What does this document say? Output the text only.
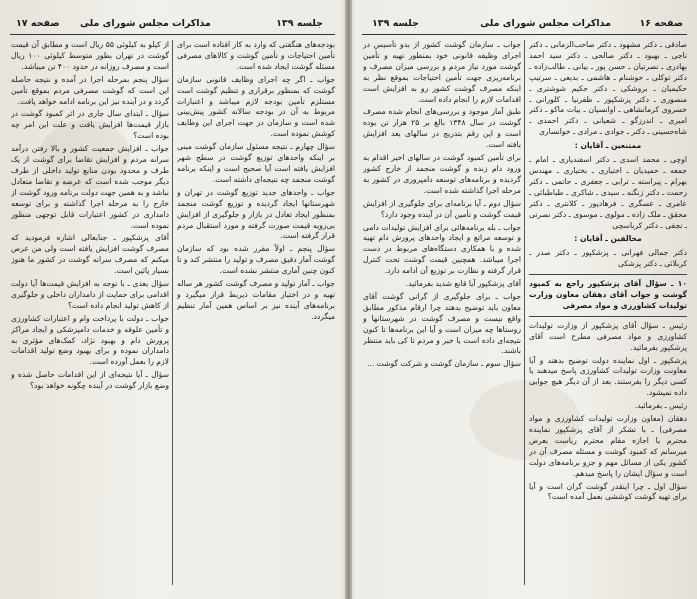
صفحه ۱۷ مذاکرات مجلس شورای ملی	جلسه ۱۳۹

بودجه‌های هنگفتی که وارد به کار افتاده است برای تأمین احتیاجات و تأمین گوشت و کالاهای مصرفی مسئله گوشت ایجاد شده است.

جواب ـ اگر چه اجرای وظایف قانونی سازمان گوشت که بمنظور برقراری و تنظیم گوشت است مستلزم تأمین بودجه لازم میباشد و اعتبارات مربوط به آن در بودجه سالانه کشور پیش‌بینی شده است و سازمان در جهت اجرای این وظایف کوشش نموده است.

سؤال چهارم ـ نتیجه مسئول سازمان گوشت مبنی بر اینکه واحدهای توزیع گوشت در سطح شهر افزایش یافته است آیا صحیح است و اینکه برنامه گوشت منجمد چه نتیجه‌ای داشته است.

جواب ـ واحدهای جدید توزیع گوشت در تهران و شهرستانها ایجاد گردیده و توزیع گوشت منجمد بمنظور ایجاد تعادل در بازار و جلوگیری از افزایش بی‌رویه قیمت صورت گرفته و مورد استقبال مردم قرار گرفته است.

سؤال پنجم ـ اولاً مقرر شده بود که سازمان گوشت آمار دقیق مصرف و تولید را منتشر کند و تا کنون چنین آماری منتشر نشده است.

جواب ـ آمار تولید و مصرف گوشت کشور هر ساله تهیه و در اختیار مقامات ذیربط قرار میگیرد و برنامه‌های آینده نیز بر اساس همین آمار تنظیم میگردد.

از کیلو به کیلوئی ۵۵ ریال است و مطابق آن قیمت گوشت در تهران بطور متوسط کیلوئی ۱۰۰ ریال است و مصرف روزانه در حدود ۴۰۰ تن میباشد.

سؤال پنجم بمرحله اجرا در آمده و نتیجه حاصله این است که گوشت مصرفی مردم بموقع تأمین گردد و در آینده نیز این برنامه ادامه خواهد یافت.

سؤال ـ ابتدای سال جاری در اثر کمبود گوشت در بازار قیمت‌ها افزایش یافت و علت این امر چه بوده است؟

جواب ـ افزایش جمعیت کشور و بالا رفتن درآمد سرانه مردم و افزایش تقاضا برای گوشت از یک طرف و محدود بودن منابع تولید داخلی از طرف دیگر موجب شده است که عرضه و تقاضا متعادل نباشد و به همین جهت دولت برنامه ورود گوشت از خارج را به مرحله اجرا گذاشته و برای توسعه دامداری در کشور اعتبارات قابل توجهی منظور نموده است.

آقای پزشکپور ـ جنابعالی اشاره فرمودید که مصرف گوشت افزایش یافته است ولی من عرض میکنم که مصرف سرانه گوشت در کشور ما هنوز بسیار پائین است.

سؤال بعدی ـ با توجه به افزایش قیمت‌ها آیا دولت اقدامی برای حمایت از دامداران داخلی و جلوگیری از کاهش تولید انجام داده است؟

جواب ـ دولت با پرداخت وام و اعتبارات کشاورزی و تأمین علوفه و خدمات دامپزشکی و ایجاد مراکز پرورش دام و بهبود نژاد، کمک‌های مؤثری به دامداران نموده و برای بهبود وضع تولید اقدامات لازم را بعمل آورده است.

سؤال ـ آیا نتیجه‌ای از این اقدامات حاصل شده و وضع بازار گوشت در آینده چگونه خواهد بود؟

صفحه ۱۶
مذاکرات مجلس شورای ملی
جلسه ۱۳۹

صادقی ـ دکتر مشهود ـ دکتر صاحب‌الزمانی ـ دکتر ناجی ـ بهبود ـ دکتر صالحی ـ دکتر سید احمد بهادری ـ نصرتیان ـ حسن پور ـ بیانی ـ طالب‌زاده ـ دکتر توکلی ـ خوشنام ـ هاشمی ـ بدیعی ـ سرتیپ حکیمیان ـ بروشکی ـ دکتر حکیم شوشتری ـ منصوری ـ دکتر پزشکپور ـ ظفرنیا ـ کلورانی ـ خسروی کرمانشاهی ـ اوانسیان ـ بیات ماکو ـ دکتر امیری ـ اندرزگو ـ شعبانی ـ دکتر احمدی ـ شاه‌حسینی ـ دکتر ـ جوادی ـ مرادی ـ خوانساری

ممتنعین ـ آقایان :

اوچی ـ محمد اسدی ـ دکتر اسفندیاری ـ امام ـ جمعه ـ حمیدیان ـ اختیاری ـ بختیاری ـ مهندس بهرام ـ پیراسته ـ ترابی ـ جعفری ـ حاتمی ـ دکتر رحمت ـ دکتر زنگنه ـ سیدی ـ شاکری ـ طباطبائی ـ عامری ـ عسگری ـ فرهادپور ـ کلانتری ـ دکتر محقق ـ ملک زاده ـ مولوی ـ موسوی ـ دکتر نصرتی ـ نجفی ـ دکتر کرباسچی

مخالفین ـ آقایان :

دکتر جمالی فهرانی ـ پزشکپور ـ دکتر صدر ـ کربلائی ـ دکتر پزشکی

۱۰ ـ سؤال آقای پزشکپور راجع به کمبود گوشت و جواب آقای دهقان معاون وزارت تولیدات کشاورزی و مواد مصرفی

رئیس ـ سؤال آقای پزشکپور از وزارت تولیدات کشاورزی و مواد مصرفی مطرح است آقای پزشکپور بفرمائید.

پزشکپور ـ اول نماینده دولت توضیح بدهند و آیا معاونت وزارت تولیدات کشاورزی پاسخ میدهند یا کسی دیگر را بفرستند. بعد از آن دیگر هیچ جوابی داده نمیشود.

رئیس ـ بفرمائید.

دهقان (معاون وزارت تولیدات کشاورزی و مواد مصرفی) ـ با تشکر از آقای پزشکپور نماینده محترم با اجازه مقام محترم ریاست بعرض میرسانم که کمبود گوشت و مسئله مصرف آن در کشور یکی از مسائل مهم و جزو برنامه‌های دولت است و سؤال ایشان را پاسخ میدهم.

سؤال اول ـ چرا اینقدر گوشت گران است و آیا برای تهیه گوشت کوششی بعمل آمده است؟

جواب ـ سازمان گوشت کشور از بدو تأسیس در اجرای وظیفه قانونی خود بمنظور تهیه و تأمین گوشت مورد نیاز مردم و بررسی میزان مصرف و برنامه‌ریزی جهت تأمین احتیاجات بموقع نظر به اینکه مصرف گوشت کشور رو به افزایش است اقدامات لازم را انجام داده است.

طبق آمار موجود و بررسی‌های انجام شده مصرف گوشت در سال ۱۳۴۸ بالغ بر ۲۵ هزار تن بوده است و این رقم بتدریج در سالهای بعد افزایش یافته است.

برای تأمین کمبود گوشت در سالهای اخیر اقدام به ورود دام زنده و گوشت منجمد از خارج کشور گردیده و برنامه‌های توسعه دامپروری در کشور به مرحله اجرا گذاشته شده است.

سؤال دوم ـ آیا برنامه‌ای برای جلوگیری از افزایش قیمت گوشت و تأمین آن در آینده وجود دارد؟

جواب ـ بله برنامه‌هائی برای افزایش تولیدات دامی و توسعه مراتع و ایجاد واحدهای پرورش دام تهیه شده و با همکاری دستگاه‌های مربوط در دست اجرا میباشد. همچنین قیمت گوشت تحت کنترل قرار گرفته و نظارت بر توزیع آن ادامه دارد.

آقای پزشکپور آیا قانع شدید بفرمائید.

جواب ـ برای جلوگیری از گرانی گوشت آقای معاون باید توضیح بدهند چرا ارقام مذکور مطابق واقع نیست و مصرف گوشت در شهرستانها و روستاها چه میزان است و آیا این برنامه‌ها تا کنون نتیجه‌ای داده است یا خیر و مردم تا کی باید منتظر باشند.

سؤال سوم ـ سازمان گوشت و شرکت گوشت ...
